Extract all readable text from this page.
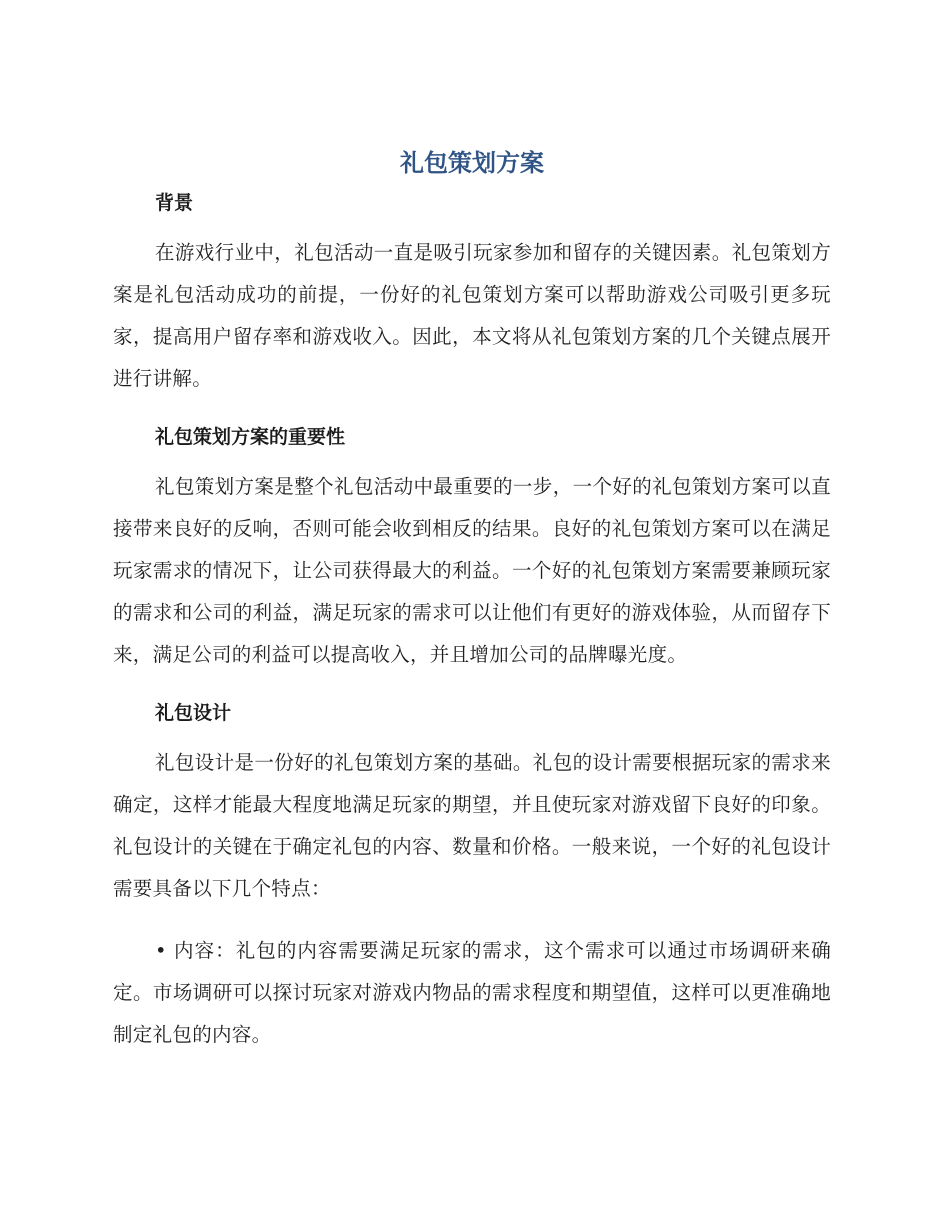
礼包策划方案
背景

在游戏行业中，礼包活动一直是吸引玩家参加和留存的关键因素。礼包策划方案是礼包活动成功的前提，一份好的礼包策划方案可以帮助游戏公司吸引更多玩家，提高用户留存率和游戏收入。因此，本文将从礼包策划方案的几个关键点展开进行讲解。

礼包策划方案的重要性

礼包策划方案是整个礼包活动中最重要的一步，一个好的礼包策划方案可以直接带来良好的反响，否则可能会收到相反的结果。良好的礼包策划方案可以在满足玩家需求的情况下，让公司获得最大的利益。一个好的礼包策划方案需要兼顾玩家的需求和公司的利益，满足玩家的需求可以让他们有更好的游戏体验，从而留存下来，满足公司的利益可以提高收入，并且增加公司的品牌曝光度。

礼包设计

礼包设计是一份好的礼包策划方案的基础。礼包的设计需要根据玩家的需求来确定，这样才能最大程度地满足玩家的期望，并且使玩家对游戏留下良好的印象。礼包设计的关键在于确定礼包的内容、数量和价格。一般来说，一个好的礼包设计需要具备以下几个特点：

• 内容：礼包的内容需要满足玩家的需求，这个需求可以通过市场调研来确定。市场调研可以探讨玩家对游戏内物品的需求程度和期望值，这样可以更准确地制定礼包的内容。
